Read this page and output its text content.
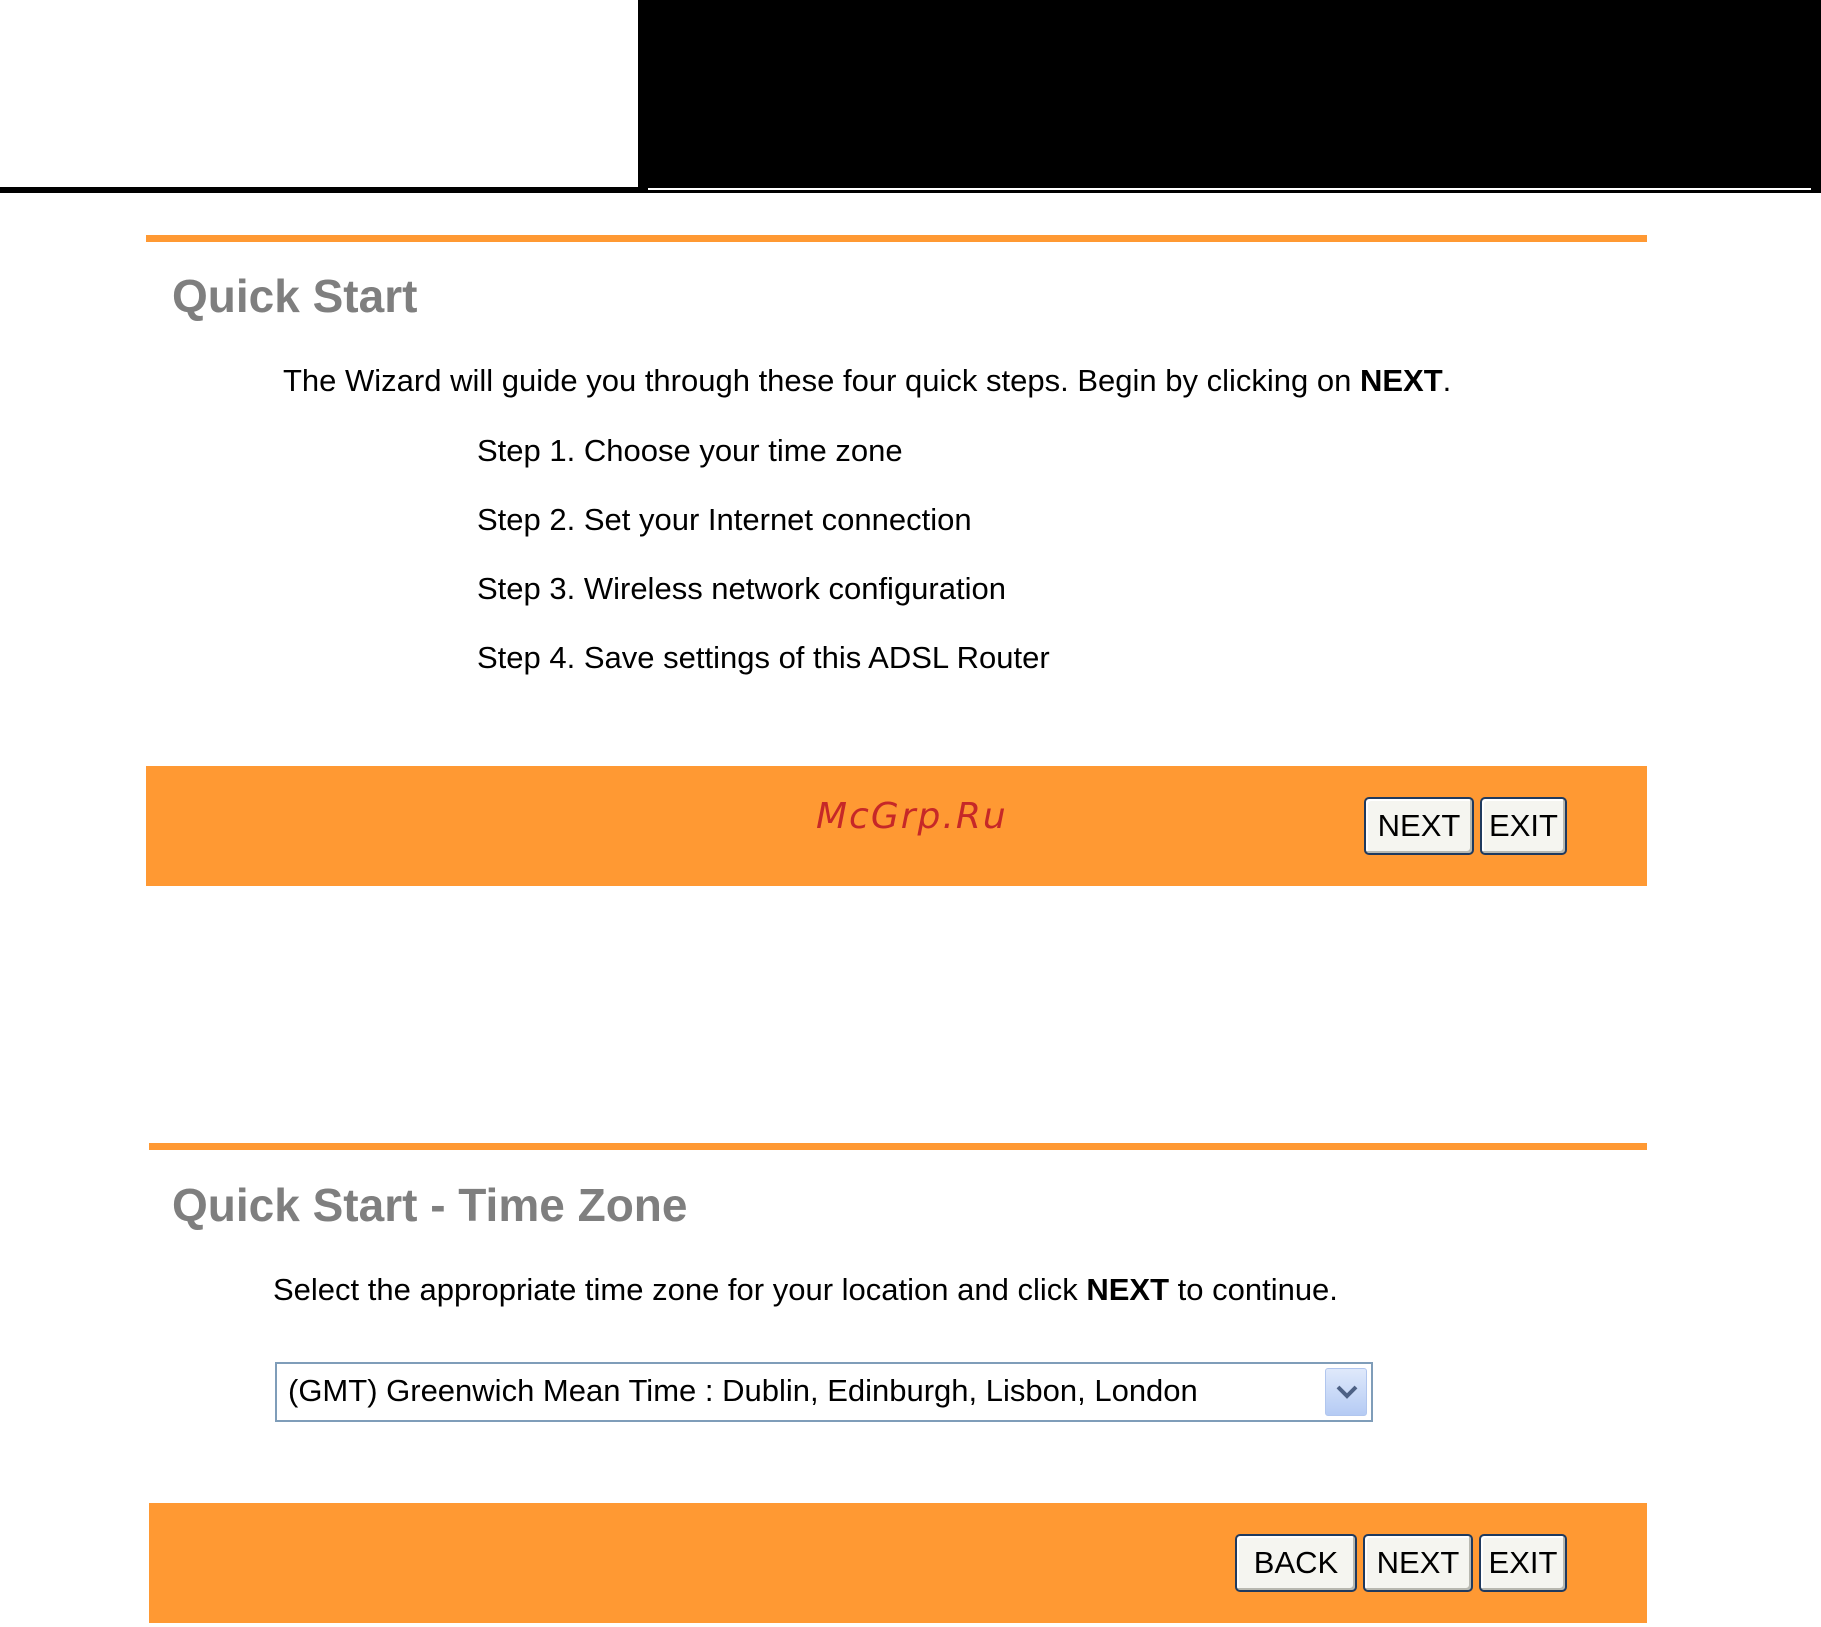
Quick Start
The Wizard will guide you through these four quick steps. Begin by clicking on NEXT.
Step 1. Choose your time zone
Step 2. Set your Internet connection
Step 3. Wireless network configuration
Step 4. Save settings of this ADSL Router
McGrp.Ru	NEXT EXIT
Quick Start - Time Zone
Select the appropriate time zone for your location and click NEXT to continue.
(GMT) Greenwich Mean Time : Dublin, Edinburgh, Lisbon, London
BACK	NEXT EXIT
